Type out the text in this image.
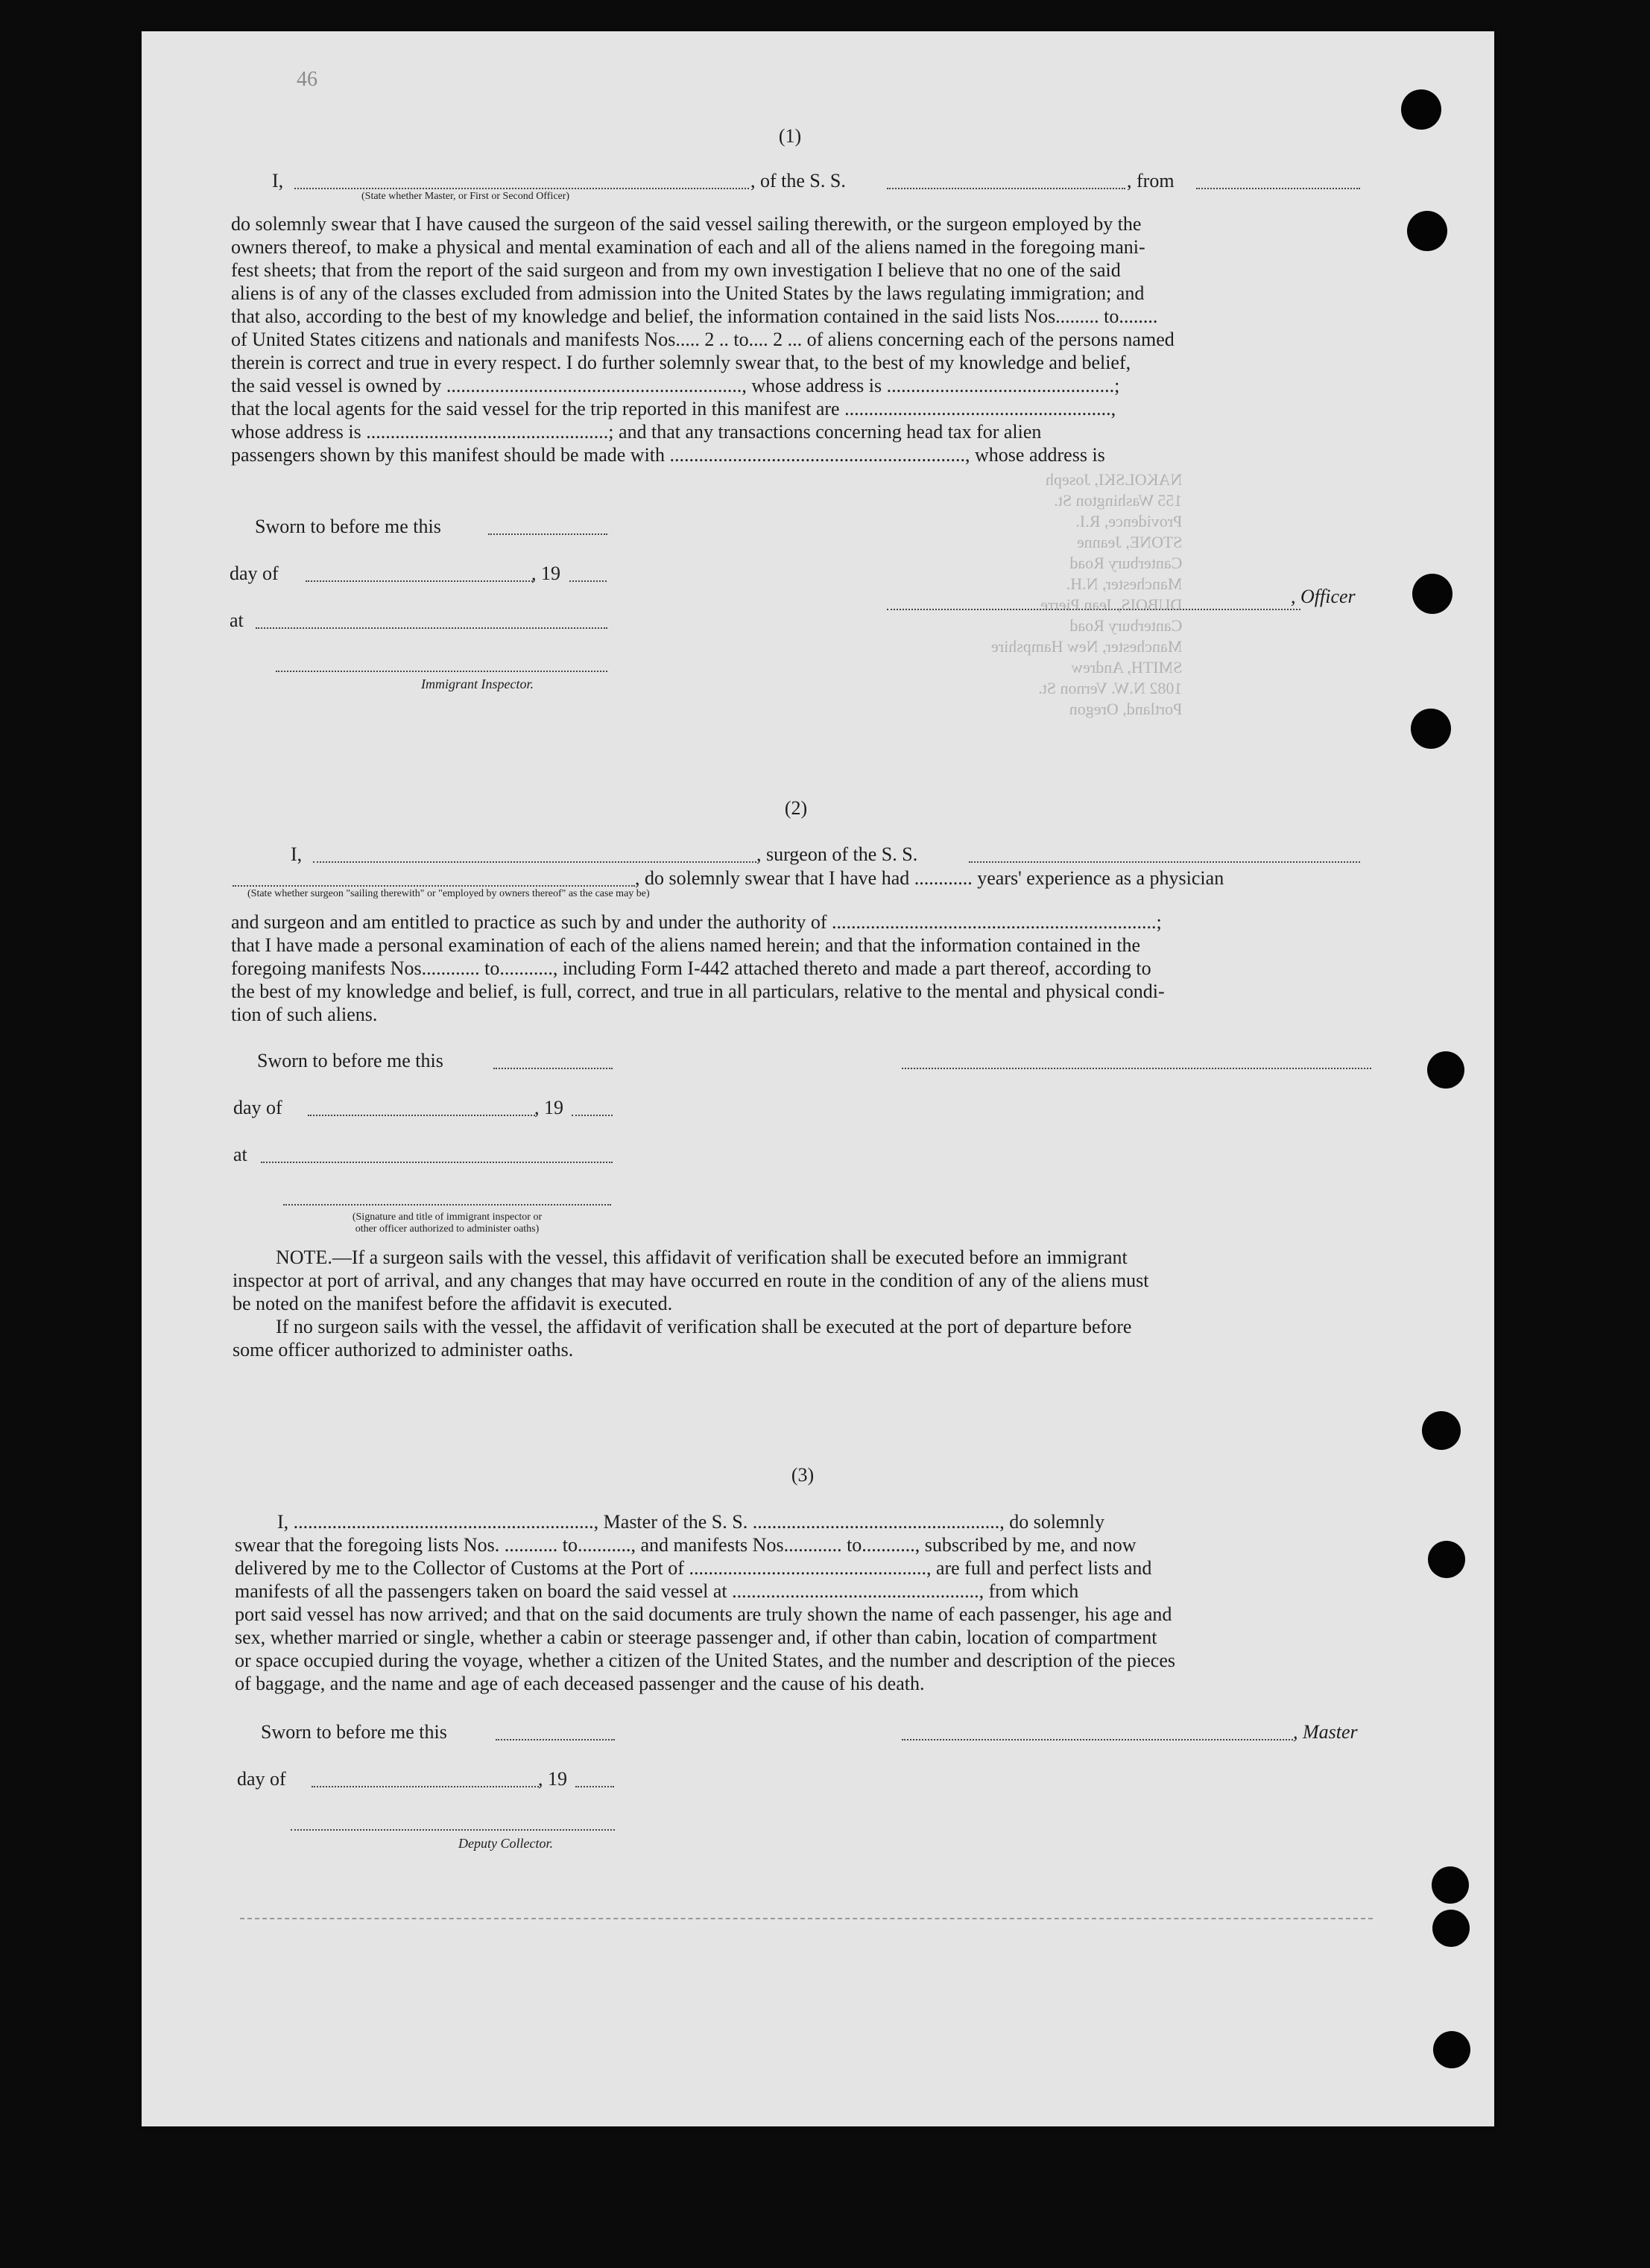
46
(1)
I,
(State whether Master, or First or Second Officer)
, of the S. S.	, from
do solemnly swear that I have caused the surgeon of the said vessel sailing therewith, or the surgeon employed by the
owners thereof, to make a physical and mental examination of each and all of the aliens named in the foregoing mani-
fest sheets; that from the report of the said surgeon and from my own investigation I believe that no one of the said
aliens is of any of the classes excluded from admission into the United States by the laws regulating immigration; and
that also, according to the best of my knowledge and belief, the information contained in the said lists Nos......... to........
of United States citizens and nationals and manifests Nos..... 2 .. to.... 2 ... of aliens concerning each of the persons named
therein is correct and true in every respect. I do further solemnly swear that, to the best of my knowledge and belief,
the said vessel is owned by ............................................................., whose address is ...............................................;
that the local agents for the said vessel for the trip reported in this manifest are .......................................................,
whose address is ..................................................; and that any transactions concerning head tax for alien
passengers shown by this manifest should be made with ............................................................., whose address is
Sworn to before me this
day of	, 19
at
Immigrant Inspector.
, Officer
NAKOLSKI, Joseph
155 Washington St.
Providence, R.I.
STONE, Jeanne
Canterbury Road
Manchester, N.H.
DUBOIS, Jean Pierre
Canterbury Road
Manchester, New Hampshire
SMITH, Andrew
1082 N.W. Vernon St.
Portland, Oregon
(2)
I,	, surgeon of the S. S.
, do solemnly swear that I have had ............ years' experience as a physician
(State whether surgeon "sailing therewith" or "employed by owners thereof" as the case may be)
and surgeon and am entitled to practice as such by and under the authority of ...................................................................;
that I have made a personal examination of each of the aliens named herein; and that the information contained in the
foregoing manifests Nos............ to..........., including Form I-442 attached thereto and made a part thereof, according to
the best of my knowledge and belief, is full, correct, and true in all particulars, relative to the mental and physical condi-
tion of such aliens.
Sworn to before me this
day of	, 19
at
(Signature and title of immigrant inspector or
other officer authorized to administer oaths)
NOTE.—If a surgeon sails with the vessel, this affidavit of verification shall be executed before an immigrant
inspector at port of arrival, and any changes that may have occurred en route in the condition of any of the aliens must
be noted on the manifest before the affidavit is executed.
If no surgeon sails with the vessel, the affidavit of verification shall be executed at the port of departure before
some officer authorized to administer oaths.
(3)
I, .............................................................., Master of the S. S. ..................................................., do solemnly
swear that the foregoing lists Nos. ........... to..........., and manifests Nos............ to..........., subscribed by me, and now
delivered by me to the Collector of Customs at the Port of ................................................., are full and perfect lists and
manifests of all the passengers taken on board the said vessel at ..................................................., from which
port said vessel has now arrived; and that on the said documents are truly shown the name of each passenger, his age and
sex, whether married or single, whether a cabin or steerage passenger and, if other than cabin, location of compartment
or space occupied during the voyage, whether a citizen of the United States, and the number and description of the pieces
of baggage, and the name and age of each deceased passenger and the cause of his death.
Sworn to before me this	, Master
day of	, 19
Deputy Collector.
